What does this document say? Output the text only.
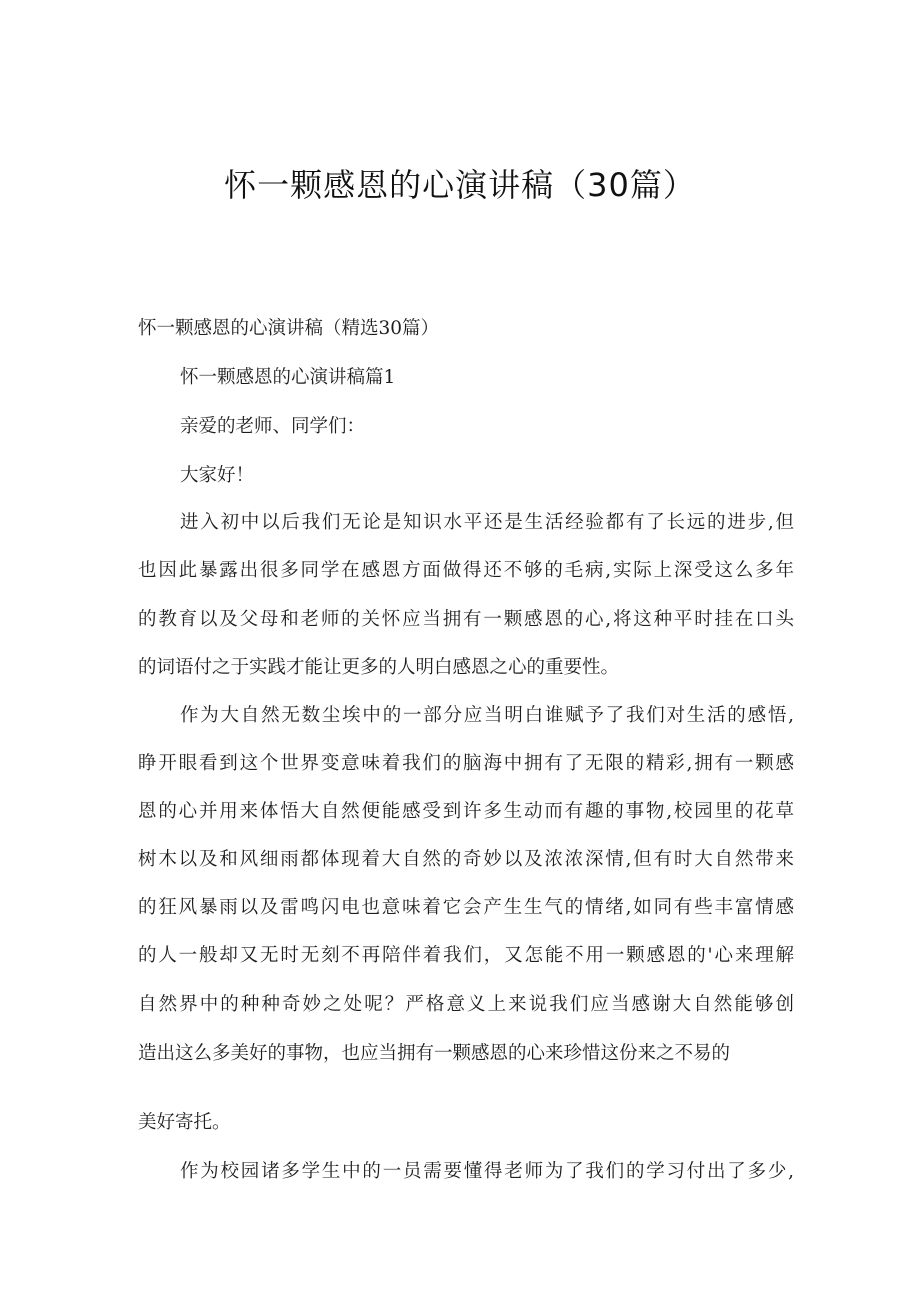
怀一颗感恩的心演讲稿（30篇）
怀一颗感恩的心演讲稿（精选30篇）
怀一颗感恩的心演讲稿篇1
亲爱的老师、同学们：
大家好！
进入初中以后我们无论是知识水平还是生活经验都有了长远的进步,但
也因此暴露出很多同学在感恩方面做得还不够的毛病,实际上深受这么多年
的教育以及父母和老师的关怀应当拥有一颗感恩的心,将这种平时挂在口头
的词语付之于实践才能让更多的人明白感恩之心的重要性。
作为大自然无数尘埃中的一部分应当明白谁赋予了我们对生活的感悟,
睁开眼看到这个世界变意味着我们的脑海中拥有了无限的精彩,拥有一颗感
恩的心并用来体悟大自然便能感受到许多生动而有趣的事物,校园里的花草
树木以及和风细雨都体现着大自然的奇妙以及浓浓深情,但有时大自然带来
的狂风暴雨以及雷鸣闪电也意味着它会产生生气的情绪,如同有些丰富情感
的人一般却又无时无刻不再陪伴着我们，又怎能不用一颗感恩的'心来理解
自然界中的种种奇妙之处呢？严格意义上来说我们应当感谢大自然能够创
造出这么多美好的事物，也应当拥有一颗感恩的心来珍惜这份来之不易的
美好寄托。
作为校园诸多学生中的一员需要懂得老师为了我们的学习付出了多少,
